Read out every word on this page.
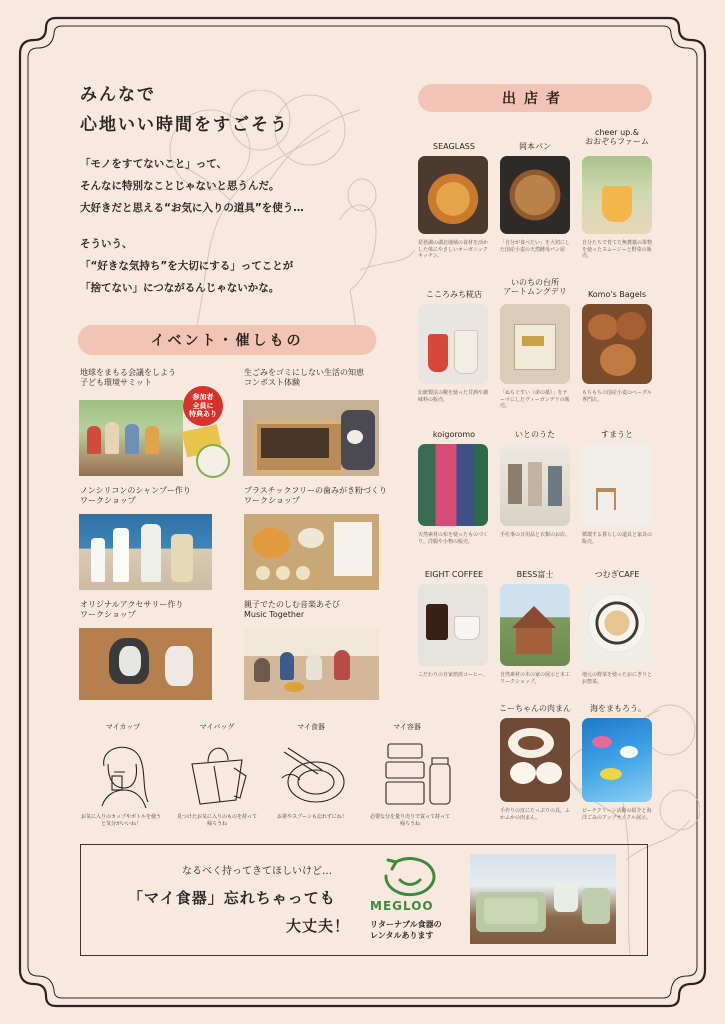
みんなで
心地いい時間をすごそう
「モノをすてないこと」って、
そんなに特別なことじゃないと思うんだ。
大好きだと思える“お気に入りの道具”を使う…
そういう、
「“好きな気持ち”を大切にする」ってことが
「捨てない」につながるんじゃないかな。
イベント・催しもの
地球をまもる会議をしよう
子ども環境サミット
参加者
全員に
特典あり
生ごみをゴミにしない生活の知恵
コンポスト体験
ノンシリコンのシャンプー作り
ワークショップ
プラスチックフリーの歯みがき粉づくり
ワークショップ
オリジナルアクセサリー作り
ワークショップ
親子でたのしむ音楽あそび
Music Together
マイカップ
お気に入りのカップやボトルを使うと気分がいいね！
マイバッグ
見つけたお気に入りのものを持って帰ろうね
マイ食器
お箸やスプーンも忘れずにね！
マイ容器
必要な分を量り売りで買って持って帰ろうね
出店者
SEAGLASS
琵琶湖の湖北地域の食材を活かした体にやさしいオーガニックキッチン。
岡本パン
「自分が食べたい」を大切にした国産小麦の天然酵母パン屋
cheer up.&
おおぞらファーム
自分たちで育てた無農薬の果物を使ったスムージーと野菜の販売。
こころみち糀店
伝統製法の糀を使った甘酒や調味料の販売。
いのちの台所
アートムングデリ
「ぬちぐすい（命の薬）」をテーマにしたヴィーガンデリの販売。
Komo's Bagels
もちもちの国産小麦のベーグル専門店。
koigoromo
天然素材の布を使ったものづくり。洋服や小物の販売。
いとのうた
手仕事の日用品と衣類のお店。
すまうと
循環する暮らしの道具と家具の販売。
EIGHT COFFEE
こだわりの自家焙煎コーヒー。
BESS富士
自然素材の木の家の展示と木工ワークショップ。
つむぎCAFE
地元の野菜を使ったおにぎりとお惣菜。
こーちゃんの肉まん
手作りの皮にたっぷりの具。ふかふかの肉まん。
海をまもろう。
ビーチクリーン活動の紹介と海洋ごみのアップサイクル展示。
なるべく持ってきてほしいけど…
「マイ食器」忘れちゃっても
大丈夫！
MEGLOO
リターナブル食器の
レンタルあります
